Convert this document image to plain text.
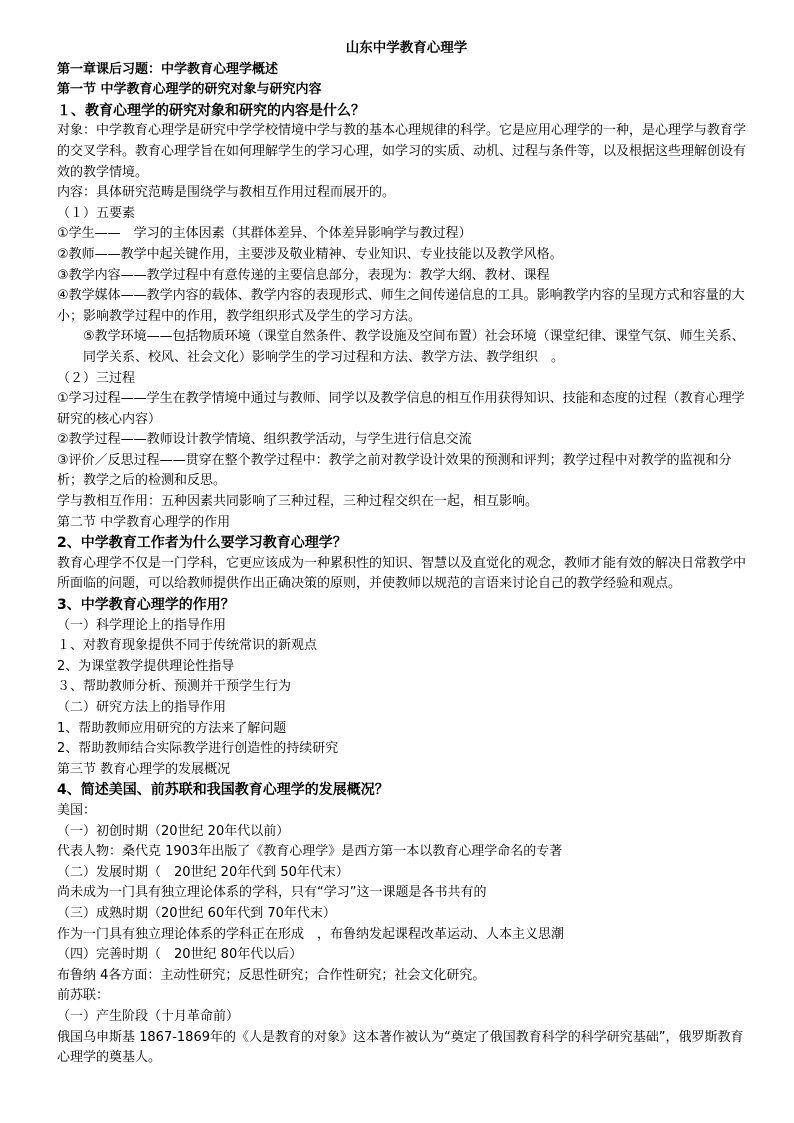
山东中学教育心理学
第一章课后习题：中学教育心理学概述
第一节 中学教育心理学的研究对象与研究内容
１、教育心理学的研究对象和研究的内容是什么？
对象：中学教育心理学是研究中学学校情境中学与教的基本心理规律的科学。它是应用心理学的一种，是心理学与教育学的交叉学科。教育心理学旨在如何理解学生的学习心理，如学习的实质、动机、过程与条件等，以及根据这些理解创设有效的教学情境。
内容：具体研究范畴是围绕学与教相互作用过程而展开的。
（１）五要素
①学生——　学习的主体因素（其群体差异、个体差异影响学与教过程）
②教师——教学中起关键作用，主要涉及敬业精神、专业知识、专业技能以及教学风格。
③教学内容——教学过程中有意传递的主要信息部分，表现为：教学大纲、教材、课程
④教学媒体——教学内容的载体、教学内容的表现形式、师生之间传递信息的工具。影响教学内容的呈现方式和容量的大小；影响教学过程中的作用，教学组织形式及学生的学习方法。
⑤教学环境——包括物质环境（课堂自然条件、教学设施及空间布置）社会环境（课堂纪律、课堂气氛、师生关系、同学关系、校风、社会文化）影响学生的学习过程和方法、教学方法、教学组织　。
（２）三过程
①学习过程——学生在教学情境中通过与教师、同学以及教学信息的相互作用获得知识、技能和态度的过程（教育心理学研究的核心内容）
②教学过程——教师设计教学情境、组织教学活动，与学生进行信息交流
③评价／反思过程——贯穿在整个教学过程中：教学之前对教学设计效果的预测和评判；教学过程中对教学的监视和分析；教学之后的检测和反思。
学与教相互作用：五种因素共同影响了三种过程，三种过程交织在一起，相互影响。
第二节 中学教育心理学的作用
2、中学教育工作者为什么要学习教育心理学？
教育心理学不仅是一门学科，它更应该成为一种累积性的知识、智慧以及直觉化的观念，教师才能有效的解决日常教学中所面临的问题，可以给教师提供作出正确决策的原则，并使教师以规范的言语来讨论自己的教学经验和观点。
3、中学教育心理学的作用？
（一）科学理论上的指导作用
１、对教育现象提供不同于传统常识的新观点
2、为课堂教学提供理论性指导
３、帮助教师分析、预测并干预学生行为
（二）研究方法上的指导作用
1、帮助教师应用研究的方法来了解问题
2、帮助教师结合实际教学进行创造性的持续研究
第三节 教育心理学的发展概况
4、简述美国、前苏联和我国教育心理学的发展概况？
美国：
（一）初创时期（20世纪 20年代以前）
代表人物：桑代克 1903年出版了《教育心理学》是西方第一本以教育心理学命名的专著
（二）发展时期（　20世纪 20年代到 50年代末）
尚未成为一门具有独立理论体系的学科，只有“学习”这一课题是各书共有的
（三）成熟时期（20世纪 60年代到 70年代末）
作为一门具有独立理论体系的学科正在形成　，布鲁纳发起课程改革运动、人本主义思潮
（四）完善时期（　20世纪 80年代以后）
布鲁纳 4各方面：主动性研究；反思性研究；合作性研究；社会文化研究。
前苏联：
（一）产生阶段（十月革命前）
俄国乌申斯基 1867-1869年的《人是教育的对象》这本著作被认为“奠定了俄国教育科学的科学研究基础”，俄罗斯教育心理学的奠基人。
